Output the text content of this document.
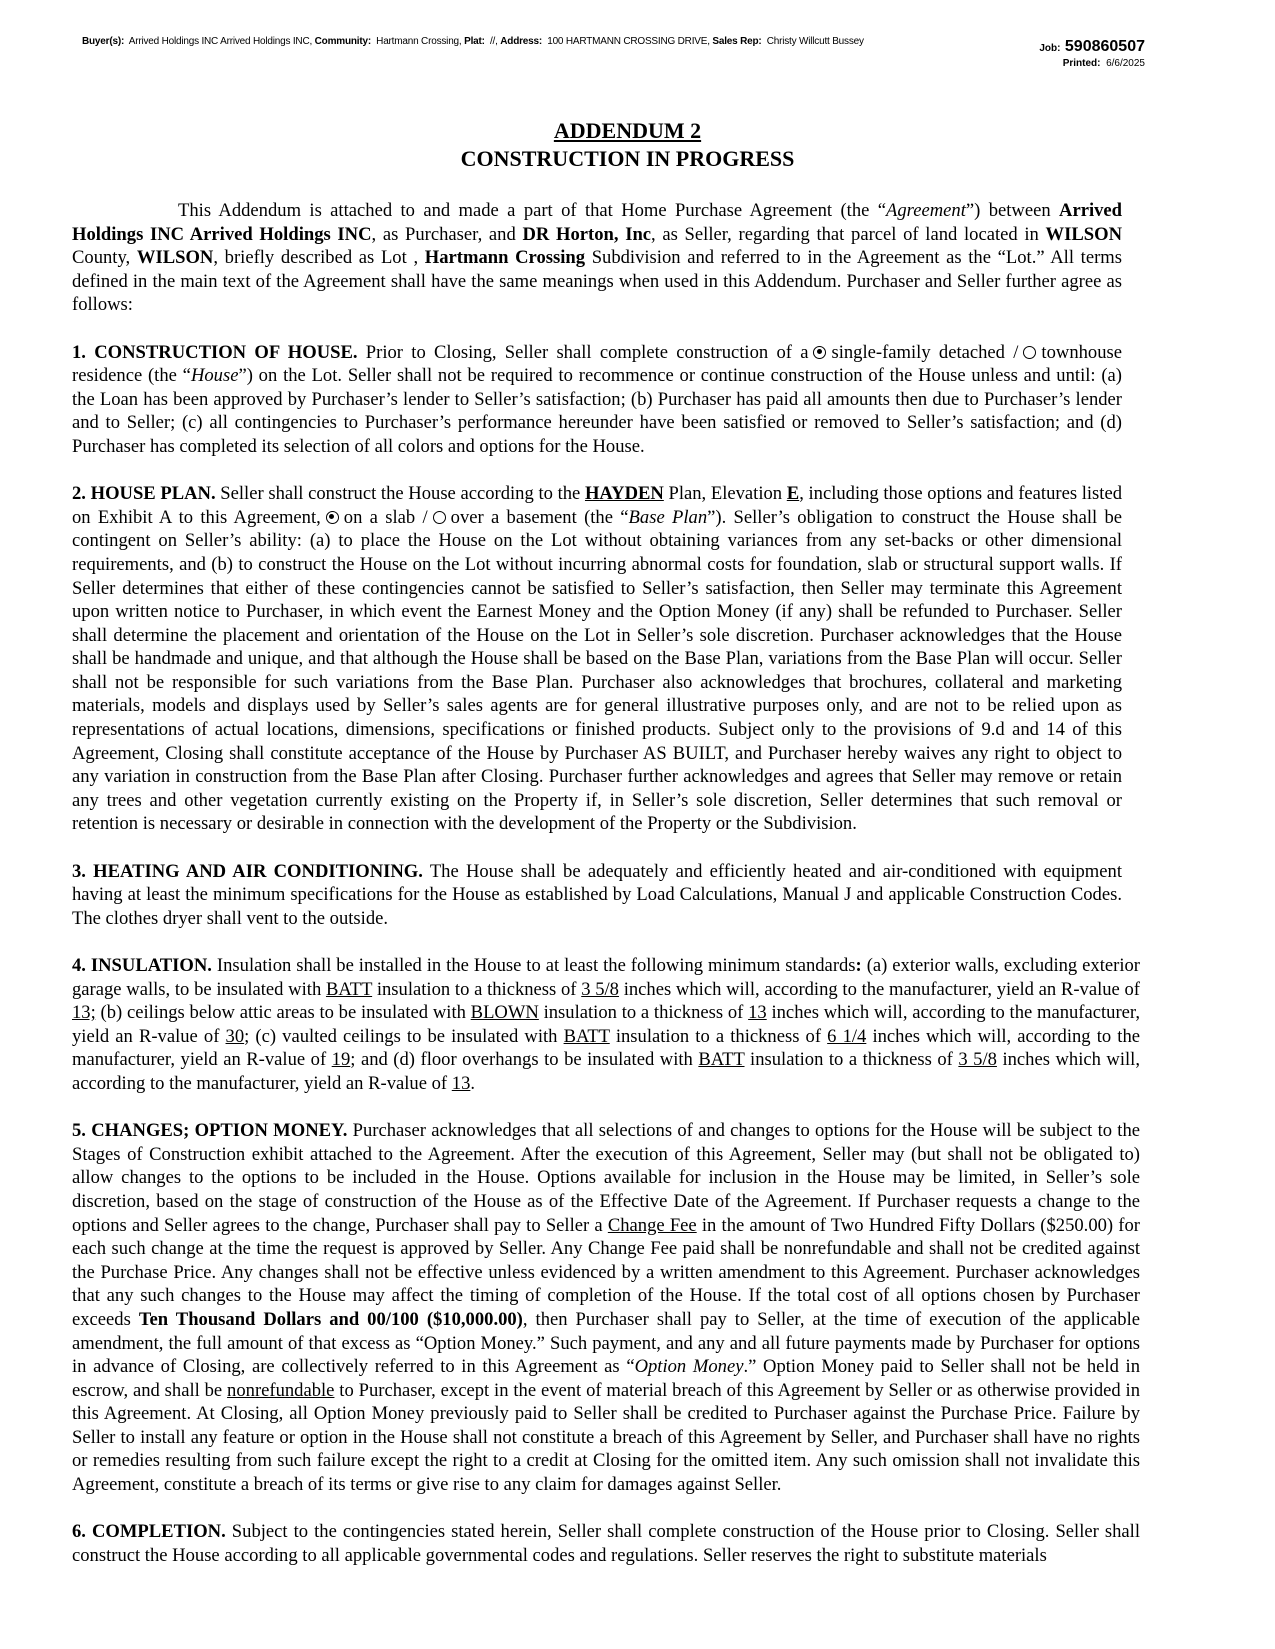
Buyer(s): Arrived Holdings INC Arrived Holdings INC, Community: Hartmann Crossing, Plat: //, Address: 100 HARTMANN CROSSING DRIVE, Sales Rep: Christy Willcutt Bussey
Job: 590860507
Printed: 6/6/2025
ADDENDUM 2
CONSTRUCTION IN PROGRESS

This Addendum is attached to and made a part of that Home Purchase Agreement (the “Agreement”) between Arrived Holdings INC Arrived Holdings INC, as Purchaser, and DR Horton, Inc, as Seller, regarding that parcel of land located in WILSON County, WILSON, briefly described as Lot , Hartmann Crossing Subdivision and referred to in the Agreement as the “Lot.” All terms defined in the main text of the Agreement shall have the same meanings when used in this Addendum. Purchaser and Seller further agree as follows:

1. CONSTRUCTION OF HOUSE. Prior to Closing, Seller shall complete construction of a single-family detached / townhouse residence (the “House”) on the Lot. Seller shall not be required to recommence or continue construction of the House unless and until: (a) the Loan has been approved by Purchaser’s lender to Seller’s satisfaction; (b) Purchaser has paid all amounts then due to Purchaser’s lender and to Seller; (c) all contingencies to Purchaser’s performance hereunder have been satisfied or removed to Seller’s satisfaction; and (d) Purchaser has completed its selection of all colors and options for the House.

2. HOUSE PLAN. Seller shall construct the House according to the HAYDEN Plan, Elevation E, including those options and features listed on Exhibit A to this Agreement, on a slab / over a basement (the “Base Plan”). Seller’s obligation to construct the House shall be contingent on Seller’s ability: (a) to place the House on the Lot without obtaining variances from any set-backs or other dimensional requirements, and (b) to construct the House on the Lot without incurring abnormal costs for foundation, slab or structural support walls. If Seller determines that either of these contingencies cannot be satisfied to Seller’s satisfaction, then Seller may terminate this Agreement upon written notice to Purchaser, in which event the Earnest Money and the Option Money (if any) shall be refunded to Purchaser. Seller shall determine the placement and orientation of the House on the Lot in Seller’s sole discretion. Purchaser acknowledges that the House shall be handmade and unique, and that although the House shall be based on the Base Plan, variations from the Base Plan will occur. Seller shall not be responsible for such variations from the Base Plan. Purchaser also acknowledges that brochures, collateral and marketing materials, models and displays used by Seller’s sales agents are for general illustrative purposes only, and are not to be relied upon as representations of actual locations, dimensions, specifications or finished products. Subject only to the provisions of 9.d and 14 of this Agreement, Closing shall constitute acceptance of the House by Purchaser AS BUILT, and Purchaser hereby waives any right to object to any variation in construction from the Base Plan after Closing. Purchaser further acknowledges and agrees that Seller may remove or retain any trees and other vegetation currently existing on the Property if, in Seller’s sole discretion, Seller determines that such removal or retention is necessary or desirable in connection with the development of the Property or the Subdivision.

3. HEATING AND AIR CONDITIONING. The House shall be adequately and efficiently heated and air-conditioned with equipment having at least the minimum specifications for the House as established by Load Calculations, Manual J and applicable Construction Codes. The clothes dryer shall vent to the outside.

4. INSULATION. Insulation shall be installed in the House to at least the following minimum standards: (a) exterior walls, excluding exterior garage walls, to be insulated with BATT insulation to a thickness of 3 5/8 inches which will, according to the manufacturer, yield an R-value of 13; (b) ceilings below attic areas to be insulated with BLOWN insulation to a thickness of 13 inches which will, according to the manufacturer, yield an R-value of 30; (c) vaulted ceilings to be insulated with BATT insulation to a thickness of 6 1/4 inches which will, according to the manufacturer, yield an R-value of 19; and (d) floor overhangs to be insulated with BATT insulation to a thickness of 3 5/8 inches which will, according to the manufacturer, yield an R-value of 13.

5. CHANGES; OPTION MONEY. Purchaser acknowledges that all selections of and changes to options for the House will be subject to the Stages of Construction exhibit attached to the Agreement. After the execution of this Agreement, Seller may (but shall not be obligated to) allow changes to the options to be included in the House. Options available for inclusion in the House may be limited, in Seller’s sole discretion, based on the stage of construction of the House as of the Effective Date of the Agreement. If Purchaser requests a change to the options and Seller agrees to the change, Purchaser shall pay to Seller a Change Fee in the amount of Two Hundred Fifty Dollars ($250.00) for each such change at the time the request is approved by Seller. Any Change Fee paid shall be nonrefundable and shall not be credited against the Purchase Price. Any changes shall not be effective unless evidenced by a written amendment to this Agreement. Purchaser acknowledges that any such changes to the House may affect the timing of completion of the House. If the total cost of all options chosen by Purchaser exceeds Ten Thousand Dollars and 00/100 ($10,000.00), then Purchaser shall pay to Seller, at the time of execution of the applicable amendment, the full amount of that excess as “Option Money.” Such payment, and any and all future payments made by Purchaser for options in advance of Closing, are collectively referred to in this Agreement as “Option Money.” Option Money paid to Seller shall not be held in escrow, and shall be nonrefundable to Purchaser, except in the event of material breach of this Agreement by Seller or as otherwise provided in this Agreement. At Closing, all Option Money previously paid to Seller shall be credited to Purchaser against the Purchase Price. Failure by Seller to install any feature or option in the House shall not constitute a breach of this Agreement by Seller, and Purchaser shall have no rights or remedies resulting from such failure except the right to a credit at Closing for the omitted item. Any such omission shall not invalidate this Agreement, constitute a breach of its terms or give rise to any claim for damages against Seller.

6. COMPLETION. Subject to the contingencies stated herein, Seller shall complete construction of the House prior to Closing. Seller shall construct the House according to all applicable governmental codes and regulations. Seller reserves the right to substitute materials
